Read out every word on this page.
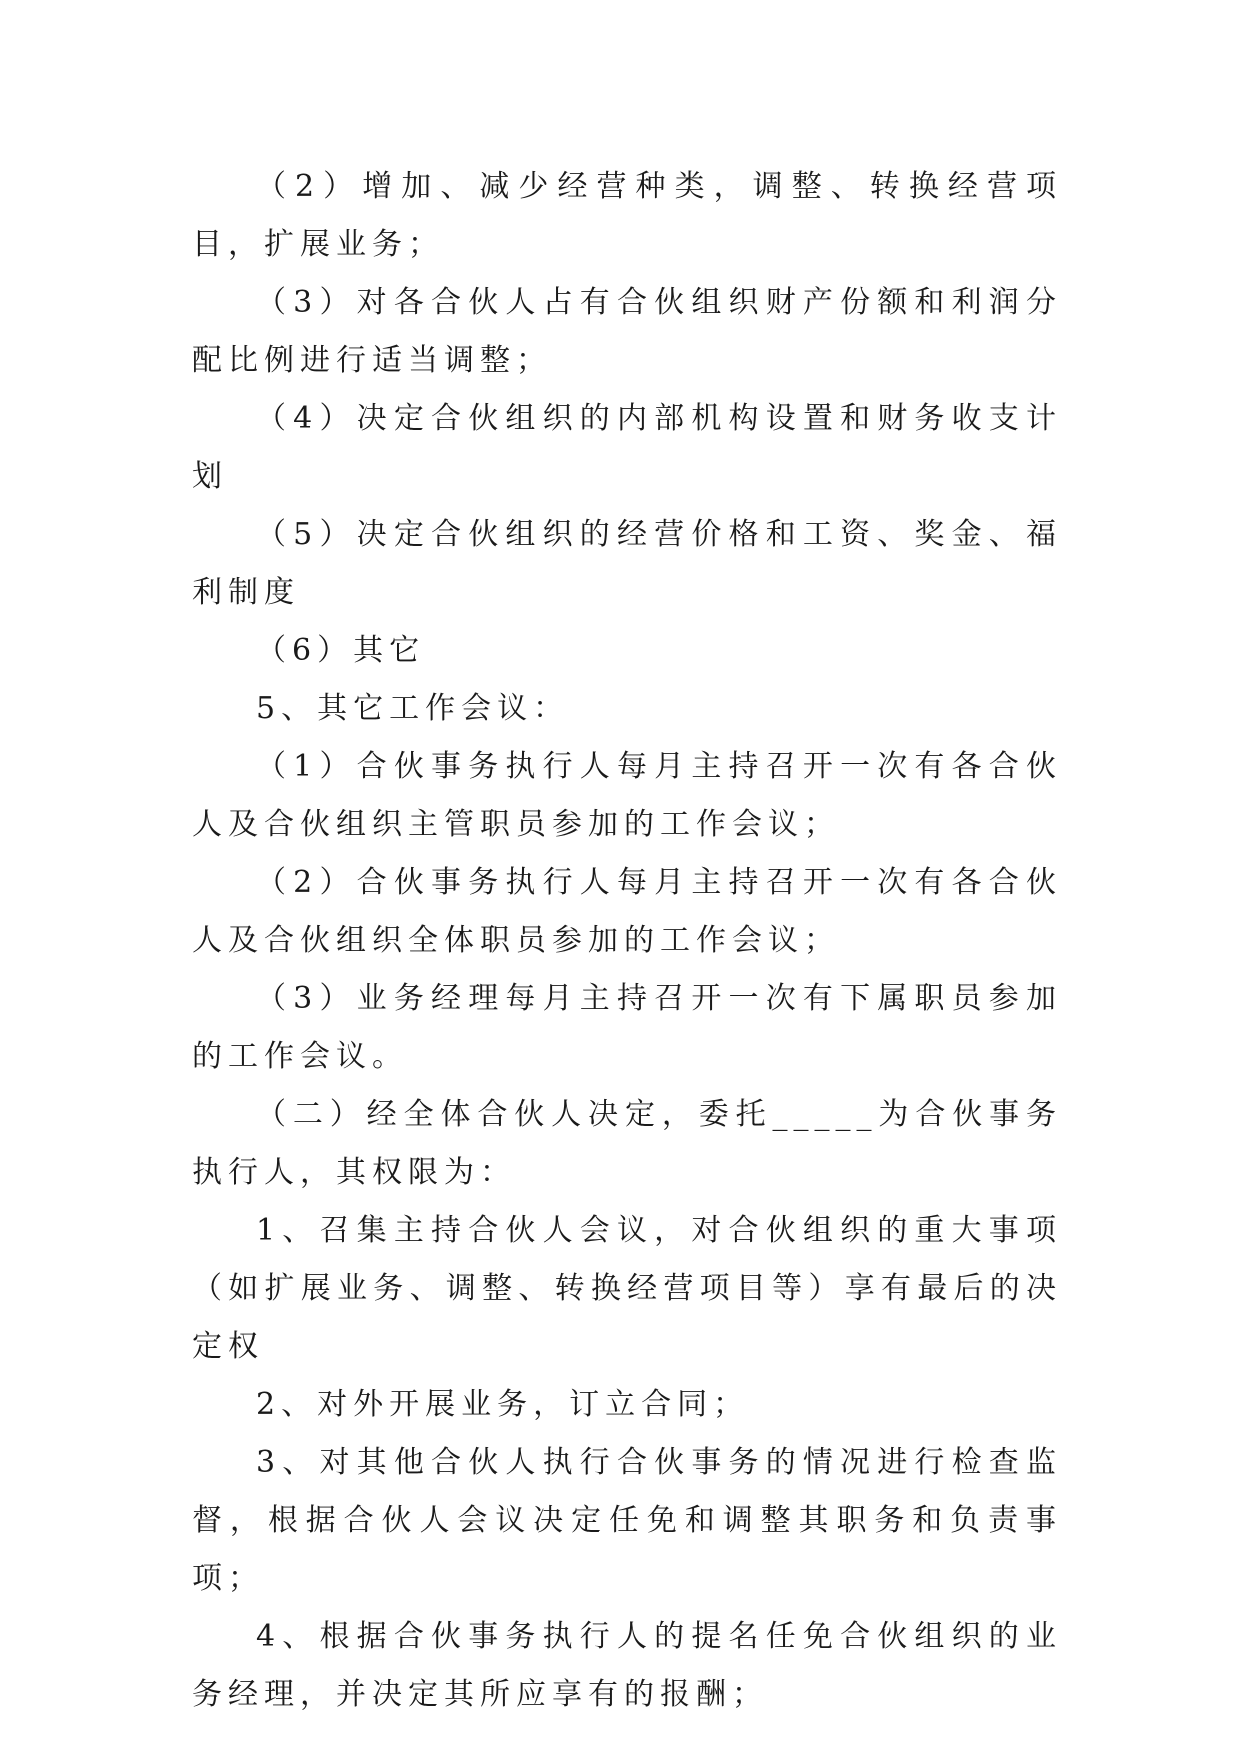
（2）增加、减少经营种类，调整、转换经营项目，扩展业务；

（3）对各合伙人占有合伙组织财产份额和利润分配比例进行适当调整；

（4）决定合伙组织的内部机构设置和财务收支计划

（5）决定合伙组织的经营价格和工资、奖金、福利制度

（6）其它

5、其它工作会议：

（1）合伙事务执行人每月主持召开一次有各合伙人及合伙组织主管职员参加的工作会议；

（2）合伙事务执行人每月主持召开一次有各合伙人及合伙组织全体职员参加的工作会议；

（3）业务经理每月主持召开一次有下属职员参加的工作会议。

（二）经全体合伙人决定，委托_____为合伙事务执行人，其权限为：

1、召集主持合伙人会议，对合伙组织的重大事项（如扩展业务、调整、转换经营项目等）享有最后的决定权

2、对外开展业务，订立合同；

3、对其他合伙人执行合伙事务的情况进行检查监督，根据合伙人会议决定任免和调整其职务和负责事项；

4、根据合伙事务执行人的提名任免合伙组织的业务经理，并决定其所应享有的报酬；
